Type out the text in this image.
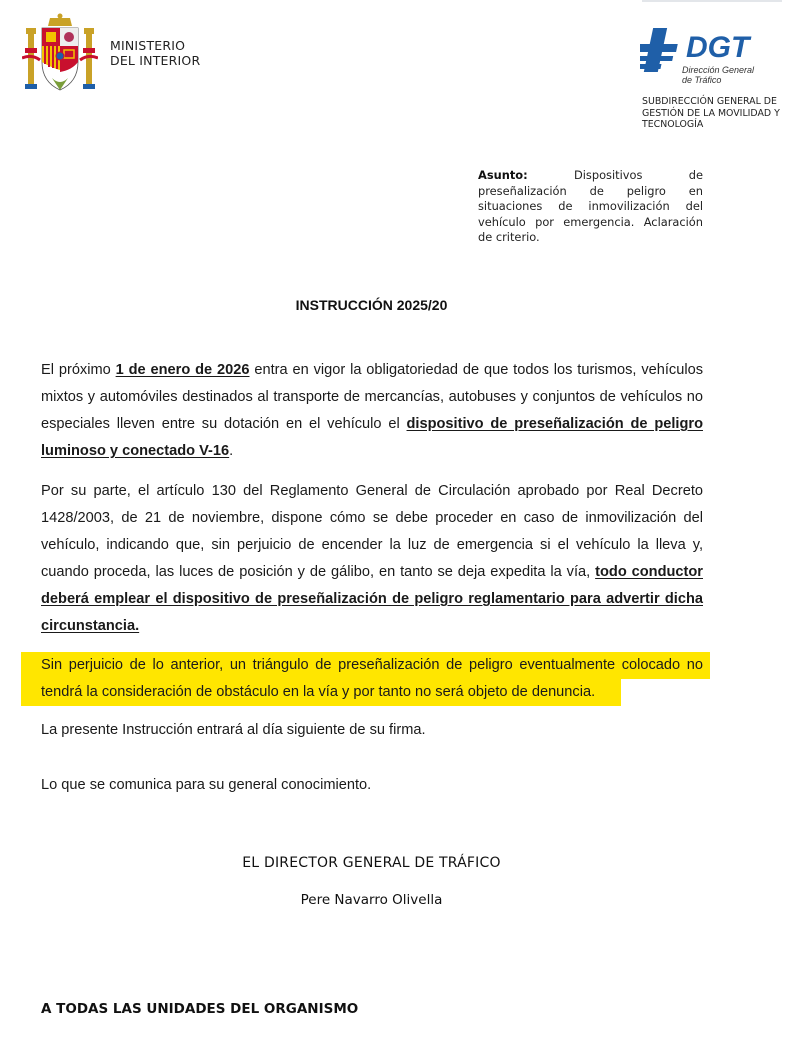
MINISTERIO
DEL INTERIOR	DGT
Dirección General
de Tráfico
SUBDIRECCIÓN GENERAL DE
GESTIÓN DE LA MOVILIDAD Y
TECNOLOGÍA
Asunto: Dispositivos de preseñalización de peligro en situaciones de inmovilización del vehículo por emergencia. Aclaración de criterio.
INSTRUCCIÓN 2025/20
El próximo 1 de enero de 2026 entra en vigor la obligatoriedad de que todos los turismos, vehículos mixtos y automóviles destinados al transporte de mercancías, autobuses y conjuntos de vehículos no especiales lleven entre su dotación en el vehículo el dispositivo de preseñalización de peligro luminoso y conectado V-16.
Por su parte, el artículo 130 del Reglamento General de Circulación aprobado por Real Decreto 1428/2003, de 21 de noviembre, dispone cómo se debe proceder en caso de inmovilización del vehículo, indicando que, sin perjuicio de encender la luz de emergencia si el vehículo la lleva y, cuando proceda, las luces de posición y de gálibo, en tanto se deja expedita la vía, todo conductor deberá emplear el dispositivo de preseñalización de peligro reglamentario para advertir dicha circunstancia.
Sin perjuicio de lo anterior, un triángulo de preseñalización de peligro eventualmente colocado no tendrá la consideración de obstáculo en la vía y por tanto no será objeto de denuncia.
La presente Instrucción entrará al día siguiente de su firma.
Lo que se comunica para su general conocimiento.
EL DIRECTOR GENERAL DE TRÁFICO
Pere Navarro Olivella
A TODAS LAS UNIDADES DEL ORGANISMO
